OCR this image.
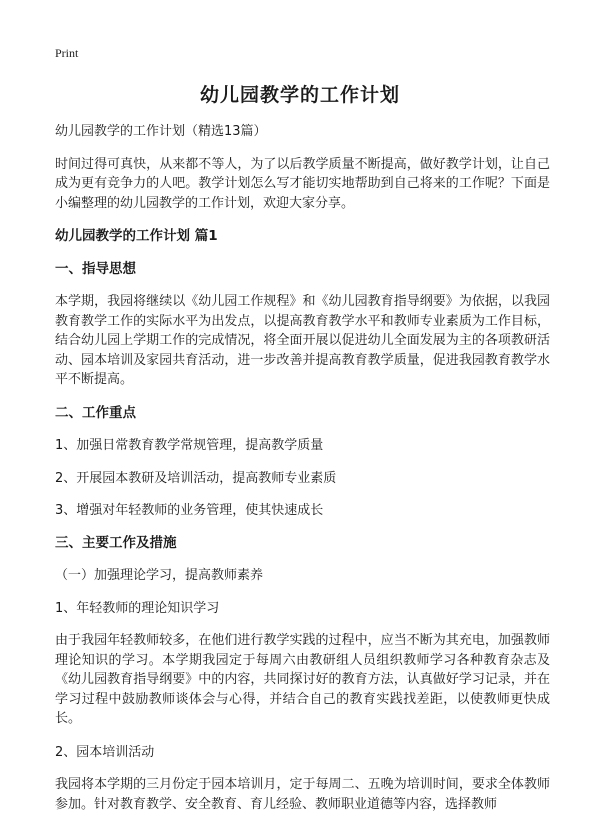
Print
幼儿园教学的工作计划

幼儿园教学的工作计划（精选13篇）

时间过得可真快，从来都不等人，为了以后教学质量不断提高，做好教学计划，让自己成为更有竞争力的人吧。教学计划怎么写才能切实地帮助到自己将来的工作呢？下面是小编整理的幼儿园教学的工作计划，欢迎大家分享。

幼儿园教学的工作计划 篇1
一、指导思想

本学期，我园将继续以《幼儿园工作规程》和《幼儿园教育指导纲要》为依据，以我园教育教学工作的实际水平为出发点，以提高教育教学水平和教师专业素质为工作目标，结合幼儿园上学期工作的完成情况，将全面开展以促进幼儿全面发展为主的各项教研活动、园本培训及家园共育活动，进一步改善并提高教育教学质量，促进我园教育教学水平不断提高。

二、工作重点

1、加强日常教育教学常规管理，提高教学质量

2、开展园本教研及培训活动，提高教师专业素质

3、增强对年轻教师的业务管理，使其快速成长

三、主要工作及措施

（一）加强理论学习，提高教师素养

1、年轻教师的理论知识学习

由于我园年轻教师较多，在他们进行教学实践的过程中，应当不断为其充电，加强教师理论知识的学习。本学期我园定于每周六由教研组人员组织教师学习各种教育杂志及《幼儿园教育指导纲要》中的内容，共同探讨好的教育方法，认真做好学习记录，并在学习过程中鼓励教师谈体会与心得，并结合自己的教育实践找差距，以使教师更快成长。

2、园本培训活动

我园将本学期的三月份定于园本培训月，定于每周二、五晚为培训时间，要求全体教师参加。针对教育教学、安全教育、育儿经验、教师职业道德等内容，选择教师
